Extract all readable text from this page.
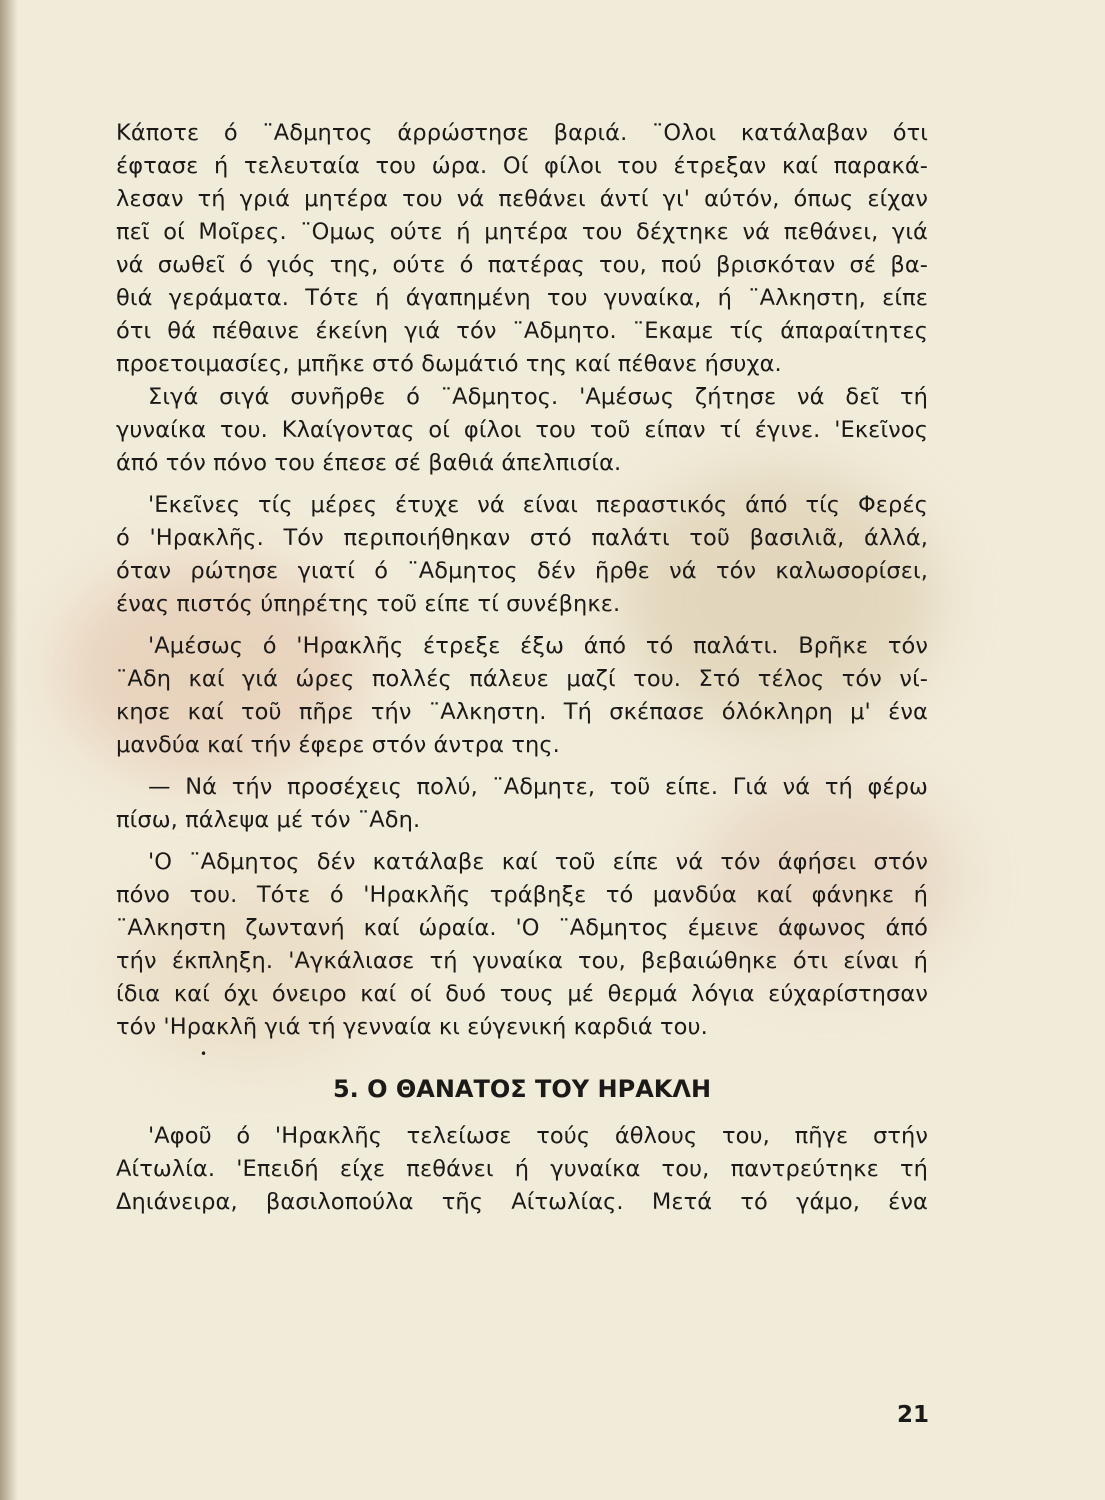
Κάποτε ό ¨Αδμητος άρρώστησε βαριά. ¨Ολοι κατάλαβαν ότι
έφτασε ή τελευταία του ώρα. Οί φίλοι του έτρεξαν καί παρακά-
λεσαν τή γριά μητέρα του νά πεθάνει άντί γι' αύτόν, όπως είχαν
πεῖ οί Μοῖρες. ¨Ομως ούτε ή μητέρα του δέχτηκε νά πεθάνει, γιά
νά σωθεῖ ό γιός της, ούτε ό πατέρας του, πού βρισκόταν σέ βα-
θιά γεράματα. Τότε ή άγαπημένη του γυναίκα, ή ¨Αλκηστη, είπε
ότι θά πέθαινε έκείνη γιά τόν ¨Αδμητο. ¨Εκαμε τίς άπαραίτητες
προετοιμασίες, μπῆκε στό δωμάτιό της καί πέθανε ήσυχα.
Σιγά σιγά συνῆρθε ό ¨Αδμητος. 'Αμέσως ζήτησε νά δεῖ τή
γυναίκα του. Κλαίγοντας οί φίλοι του τοῦ είπαν τί έγινε. 'Εκεῖνος
άπό τόν πόνο του έπεσε σέ βαθιά άπελπισία.
'Εκεῖνες τίς μέρες έτυχε νά είναι περαστικός άπό τίς Φερές
ό 'Ηρακλῆς. Τόν περιποιήθηκαν στό παλάτι τοῦ βασιλιᾶ, άλλά,
όταν ρώτησε γιατί ό ¨Αδμητος δέν ῆρθε νά τόν καλωσορίσει,
ένας πιστός ύπηρέτης τοῦ είπε τί συνέβηκε.
'Αμέσως ό 'Ηρακλῆς έτρεξε έξω άπό τό παλάτι. Βρῆκε τόν
¨Αδη καί γιά ώρες πολλές πάλευε μαζί του. Στό τέλος τόν νί-
κησε καί τοῦ πῆρε τήν ¨Αλκηστη. Τή σκέπασε όλόκληρη μ' ένα
μανδύα καί τήν έφερε στόν άντρα της.
— Νά τήν προσέχεις πολύ, ¨Αδμητε, τοῦ είπε. Γιά νά τή φέρω
πίσω, πάλεψα μέ τόν ¨Αδη.
'Ο ¨Αδμητος δέν κατάλαβε καί τοῦ είπε νά τόν άφήσει στόν
πόνο του. Τότε ό 'Ηρακλῆς τράβηξε τό μανδύα καί φάνηκε ή
¨Αλκηστη ζωντανή καί ώραία. 'Ο ¨Αδμητος έμεινε άφωνος άπό
τήν έκπληξη. 'Αγκάλιασε τή γυναίκα του, βεβαιώθηκε ότι είναι ή
ίδια καί όχι όνειρο καί οί δυό τους μέ θερμά λόγια εύχαρίστησαν
τόν 'Ηρακλῆ γιά τή γενναία κι εύγενική καρδιά του.
•
5. Ο ΘΑΝΑΤΟΣ ΤΟΥ ΗΡΑΚΛΗ
'Αφοῦ ό 'Ηρακλῆς τελείωσε τούς άθλους του, πῆγε στήν
Αίτωλία. 'Επειδή είχε πεθάνει ή γυναίκα του, παντρεύτηκε τή
Δηιάνειρα, βασιλοπούλα τῆς Αίτωλίας. Μετά τό γάμο, ένα
21
